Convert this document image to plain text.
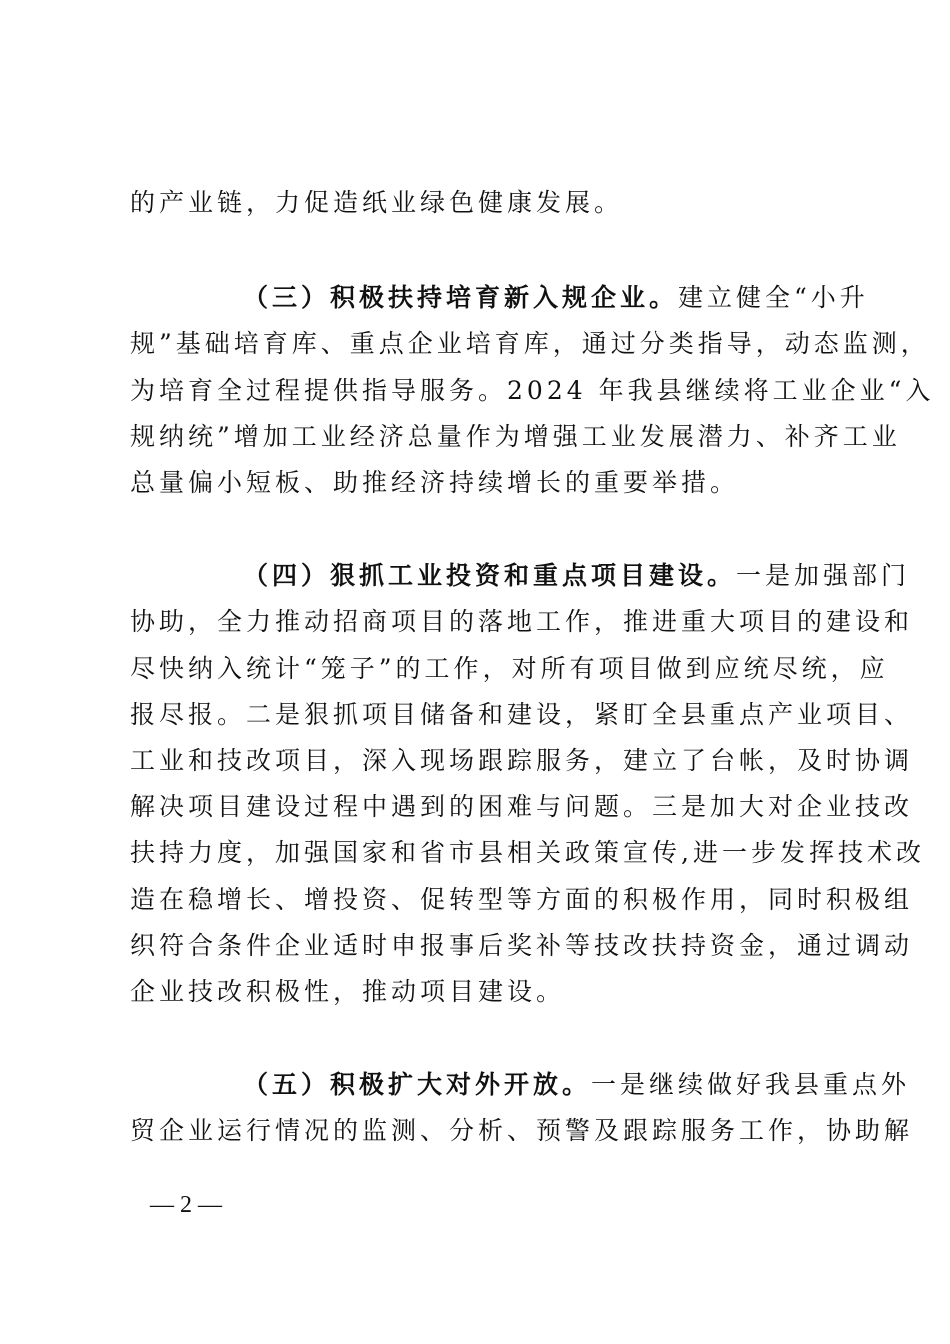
的产业链，力促造纸业绿色健康发展。
（三）积极扶持培育新入规企业。建立健全“小升
规”基础培育库、重点企业培育库，通过分类指导，动态监测，
为培育全过程提供指导服务。2024 年我县继续将工业企业“入
规纳统”增加工业经济总量作为增强工业发展潜力、补齐工业
总量偏小短板、助推经济持续增长的重要举措。
（四）狠抓工业投资和重点项目建设。一是加强部门
协助，全力推动招商项目的落地工作，推进重大项目的建设和
尽快纳入统计“笼子”的工作，对所有项目做到应统尽统，应
报尽报。二是狠抓项目储备和建设，紧盯全县重点产业项目、
工业和技改项目，深入现场跟踪服务，建立了台帐，及时协调
解决项目建设过程中遇到的困难与问题。三是加大对企业技改
扶持力度，加强国家和省市县相关政策宣传,进一步发挥技术改
造在稳增长、增投资、促转型等方面的积极作用，同时积极组
织符合条件企业适时申报事后奖补等技改扶持资金，通过调动
企业技改积极性，推动项目建设。
（五）积极扩大对外开放。一是继续做好我县重点外
贸企业运行情况的监测、分析、预警及跟踪服务工作，协助解
— 2 —
